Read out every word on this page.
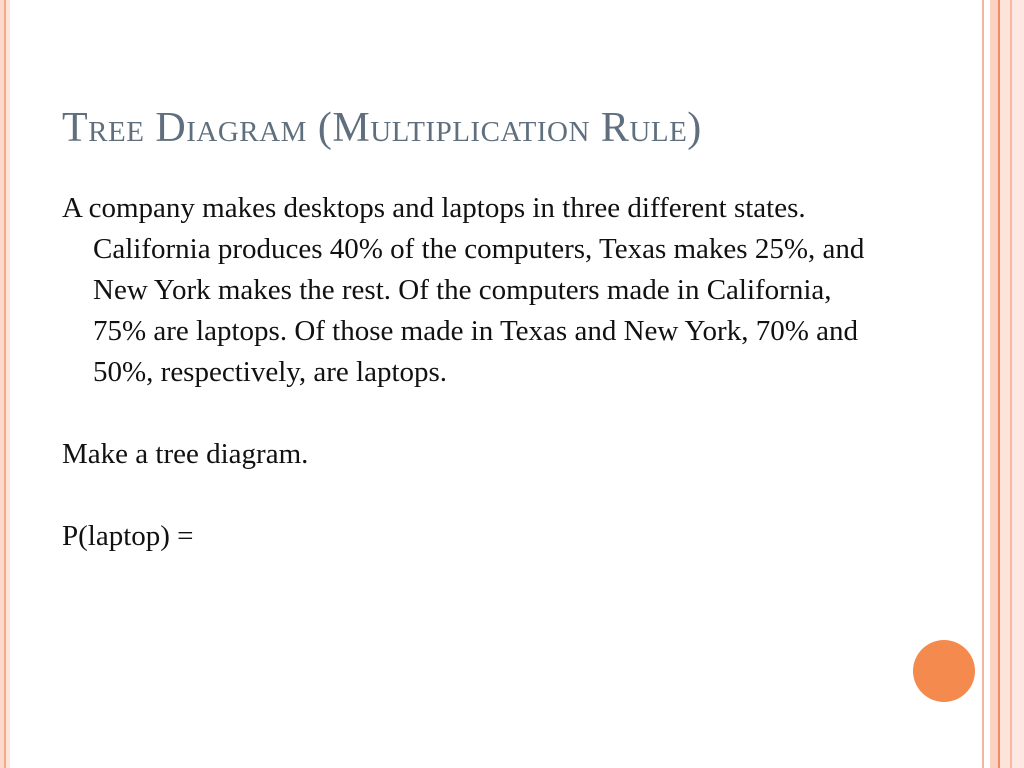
Tree Diagram (Multiplication Rule)

A company makes desktops and laptops in three different states. California produces 40% of the computers, Texas makes 25%, and New York makes the rest. Of the computers made in California, 75% are laptops. Of those made in Texas and New York, 70% and 50%, respectively, are laptops.

Make a tree diagram.

P(laptop) =
